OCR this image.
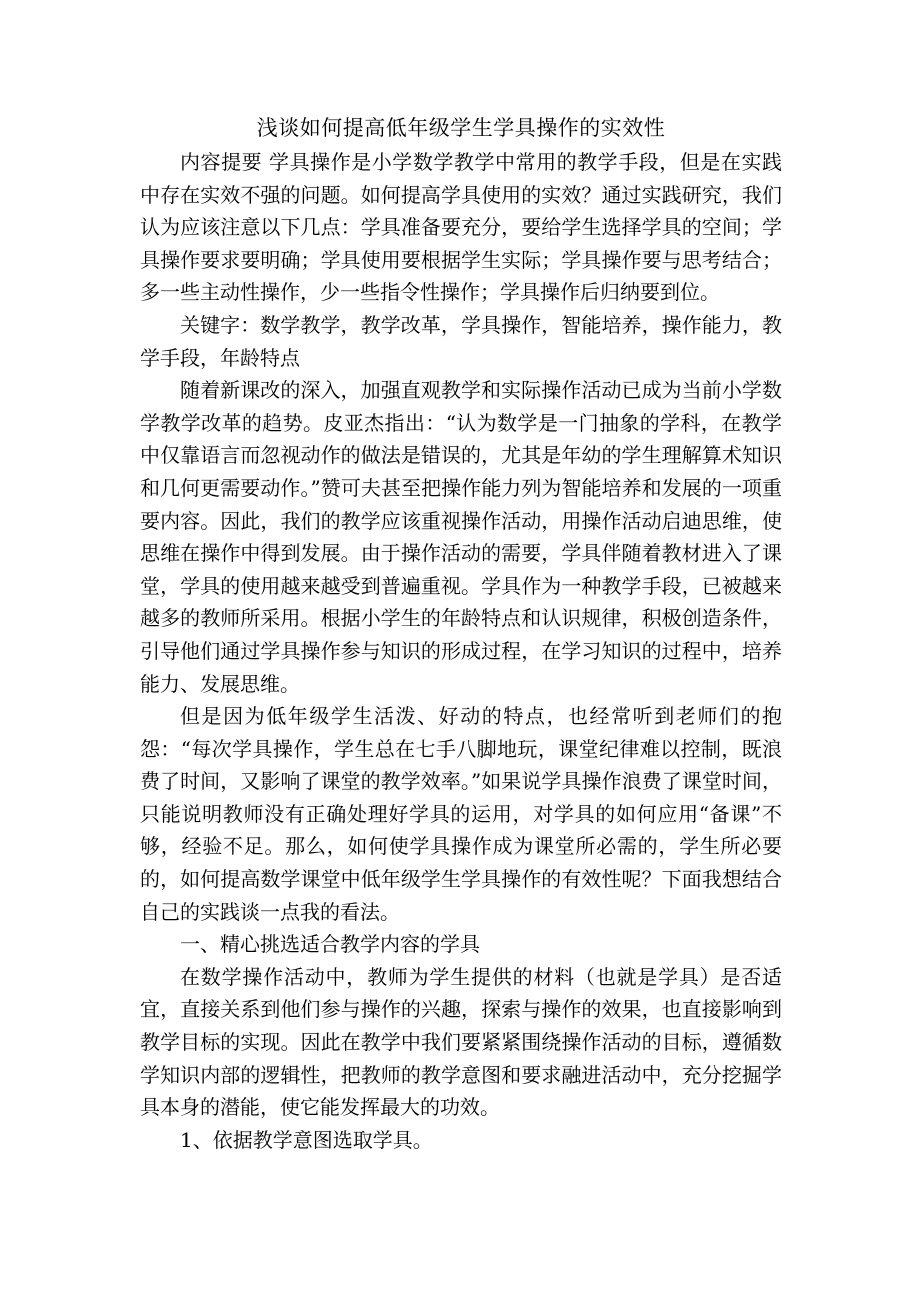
浅谈如何提高低年级学生学具操作的实效性

内容提要 学具操作是小学数学教学中常用的教学手段，但是在实践中存在实效不强的问题。如何提高学具使用的实效？通过实践研究，我们认为应该注意以下几点：学具准备要充分，要给学生选择学具的空间；学具操作要求要明确；学具使用要根据学生实际；学具操作要与思考结合；多一些主动性操作，少一些指令性操作；学具操作后归纳要到位。

关键字：数学教学，教学改革，学具操作，智能培养，操作能力，教学手段，年龄特点

随着新课改的深入，加强直观教学和实际操作活动已成为当前小学数学教学改革的趋势。皮亚杰指出：“认为数学是一门抽象的学科，在教学中仅靠语言而忽视动作的做法是错误的，尤其是年幼的学生理解算术知识和几何更需要动作。”赞可夫甚至把操作能力列为智能培养和发展的一项重要内容。因此，我们的教学应该重视操作活动，用操作活动启迪思维，使思维在操作中得到发展。由于操作活动的需要，学具伴随着教材进入了课堂，学具的使用越来越受到普遍重视。学具作为一种教学手段，已被越来越多的教师所采用。根据小学生的年龄特点和认识规律，积极创造条件，引导他们通过学具操作参与知识的形成过程，在学习知识的过程中，培养能力、发展思维。

但是因为低年级学生活泼、好动的特点，也经常听到老师们的抱怨：“每次学具操作，学生总在七手八脚地玩，课堂纪律难以控制，既浪费了时间，又影响了课堂的教学效率。”如果说学具操作浪费了课堂时间，只能说明教师没有正确处理好学具的运用，对学具的如何应用“备课”不够，经验不足。那么，如何使学具操作成为课堂所必需的，学生所必要的，如何提高数学课堂中低年级学生学具操作的有效性呢？下面我想结合自己的实践谈一点我的看法。

一、精心挑选适合教学内容的学具

在数学操作活动中，教师为学生提供的材料（也就是学具）是否适宜，直接关系到他们参与操作的兴趣，探索与操作的效果，也直接影响到教学目标的实现。因此在教学中我们要紧紧围绕操作活动的目标，遵循数学知识内部的逻辑性，把教师的教学意图和要求融进活动中，充分挖掘学具本身的潜能，使它能发挥最大的功效。

1、依据教学意图选取学具。
